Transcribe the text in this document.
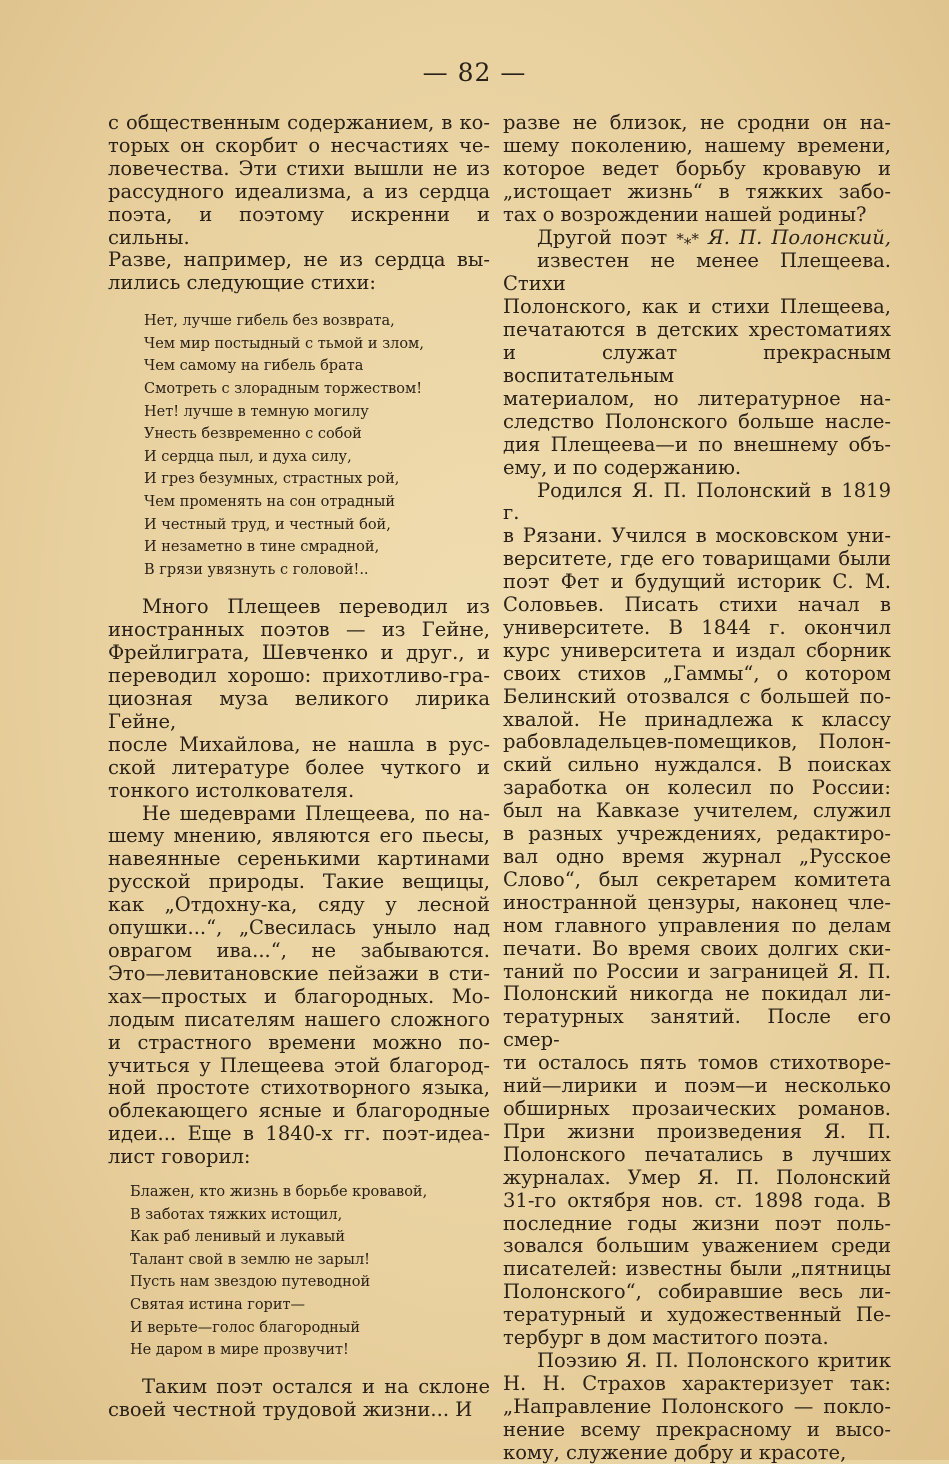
— 82 —

с общественным содержанием, в ко-
торых он скорбит о несчастиях че-
ловечества. Эти стихи вышли не из
рассудного идеализма, а из сердца
поэта, и поэтому искренни и сильны.
Разве, например, не из сердца вы-
лились следующие стихи:

Нет, лучше гибель без возврата,
Чем мир постыдный с тьмой и злом,
Чем самому на гибель брата
Смотреть с злорадным торжеством!
Нет! лучше в темную могилу
Унесть безвременно с собой
И сердца пыл, и духа силу,
И грез безумных, страстных рой,
Чем променять на сон отрадный
И честный труд, и честный бой,
И незаметно в тине смрадной,
В грязи увязнуть с головой!..

Много Плещеев переводил из
иностранных поэтов — из Гейне,
Фрейлиграта, Шевченко и друг., и
переводил хорошо: прихотливо-гра-
циозная муза великого лирика Гейне,
после Михайлова, не нашла в рус-
ской литературе более чуткого и
тонкого истолкователя.

Не шедеврами Плещеева, по на-
шему мнению, являются его пьесы,
навеянные серенькими картинами
русской природы. Такие вещицы,
как „Отдохну-ка, сяду у лесной
опушки...“, „Свесилась уныло над
оврагом ива...“, не забываются.
Это—левитановские пейзажи в сти-
хах—простых и благородных. Мо-
лодым писателям нашего сложного
и страстного времени можно по-
учиться у Плещеева этой благород-
ной простоте стихотворного языка,
облекающего ясные и благородные
идеи... Еще в 1840-х гг. поэт-идеа-
лист говорил:

Блажен, кто жизнь в борьбе кровавой,
В заботах тяжких истощил,
Как раб ленивый и лукавый
Талант свой в землю не зарыл!
Пусть нам звездою путеводной
Святая истина горит—
И верьте—голос благородный
Не даром в мире прозвучит!

Таким поэт остался и на склоне
своей честной трудовой жизни... И

разве не близок, не сродни он на-
шему поколению, нашему времени,
которое ведет борьбу кровавую и
„истощает жизнь“ в тяжких забо-
тах о возрождении нашей родины?

Другой поэт *⁎* Я. П. Полонский,

известен не менее Плещеева. Стихи
Полонского, как и стихи Плещеева,
печатаются в детских хрестоматиях
и служат прекрасным воспитательным
материалом, но литературное на-
следство Полонского больше насле-
дия Плещеева—и по внешнему объ-
ему, и по содержанию.

Родился Я. П. Полонский в 1819 г.
в Рязани. Учился в московском уни-
верситете, где его товарищами были
поэт Фет и будущий историк С. М.
Соловьев. Писать стихи начал в
университете. В 1844 г. окончил
курс университета и издал сборник
своих стихов „Гаммы“, о котором
Белинский отозвался с большей по-
хвалой. Не принадлежа к классу
рабовладельцев-помещиков, Полон-
ский сильно нуждался. В поисках
заработка он колесил по России:
был на Кавказе учителем, служил
в разных учреждениях, редактиро-
вал одно время журнал „Русское
Слово“, был секретарем комитета
иностранной цензуры, наконец чле-
ном главного управления по делам
печати. Во время своих долгих ски-
таний по России и заграницей Я. П.
Полонский никогда не покидал ли-
тературных занятий. После его смер-
ти осталось пять томов стихотворе-
ний—лирики и поэм—и несколько
обширных прозаических романов.
При жизни произведения Я. П.
Полонского печатались в лучших
журналах. Умер Я. П. Полонский
31-го октября нов. ст. 1898 года. В
последние годы жизни поэт поль-
зовался большим уважением среди
писателей: известны были „пятницы
Полонского“, собиравшие весь ли-
тературный и художественный Пе-
тербург в дом маститого поэта.

Поэзию Я. П. Полонского критик
Н. Н. Страхов характеризует так:
„Направление Полонского — покло-
нение всему прекрасному и высо-
кому, служение добру и красоте,
